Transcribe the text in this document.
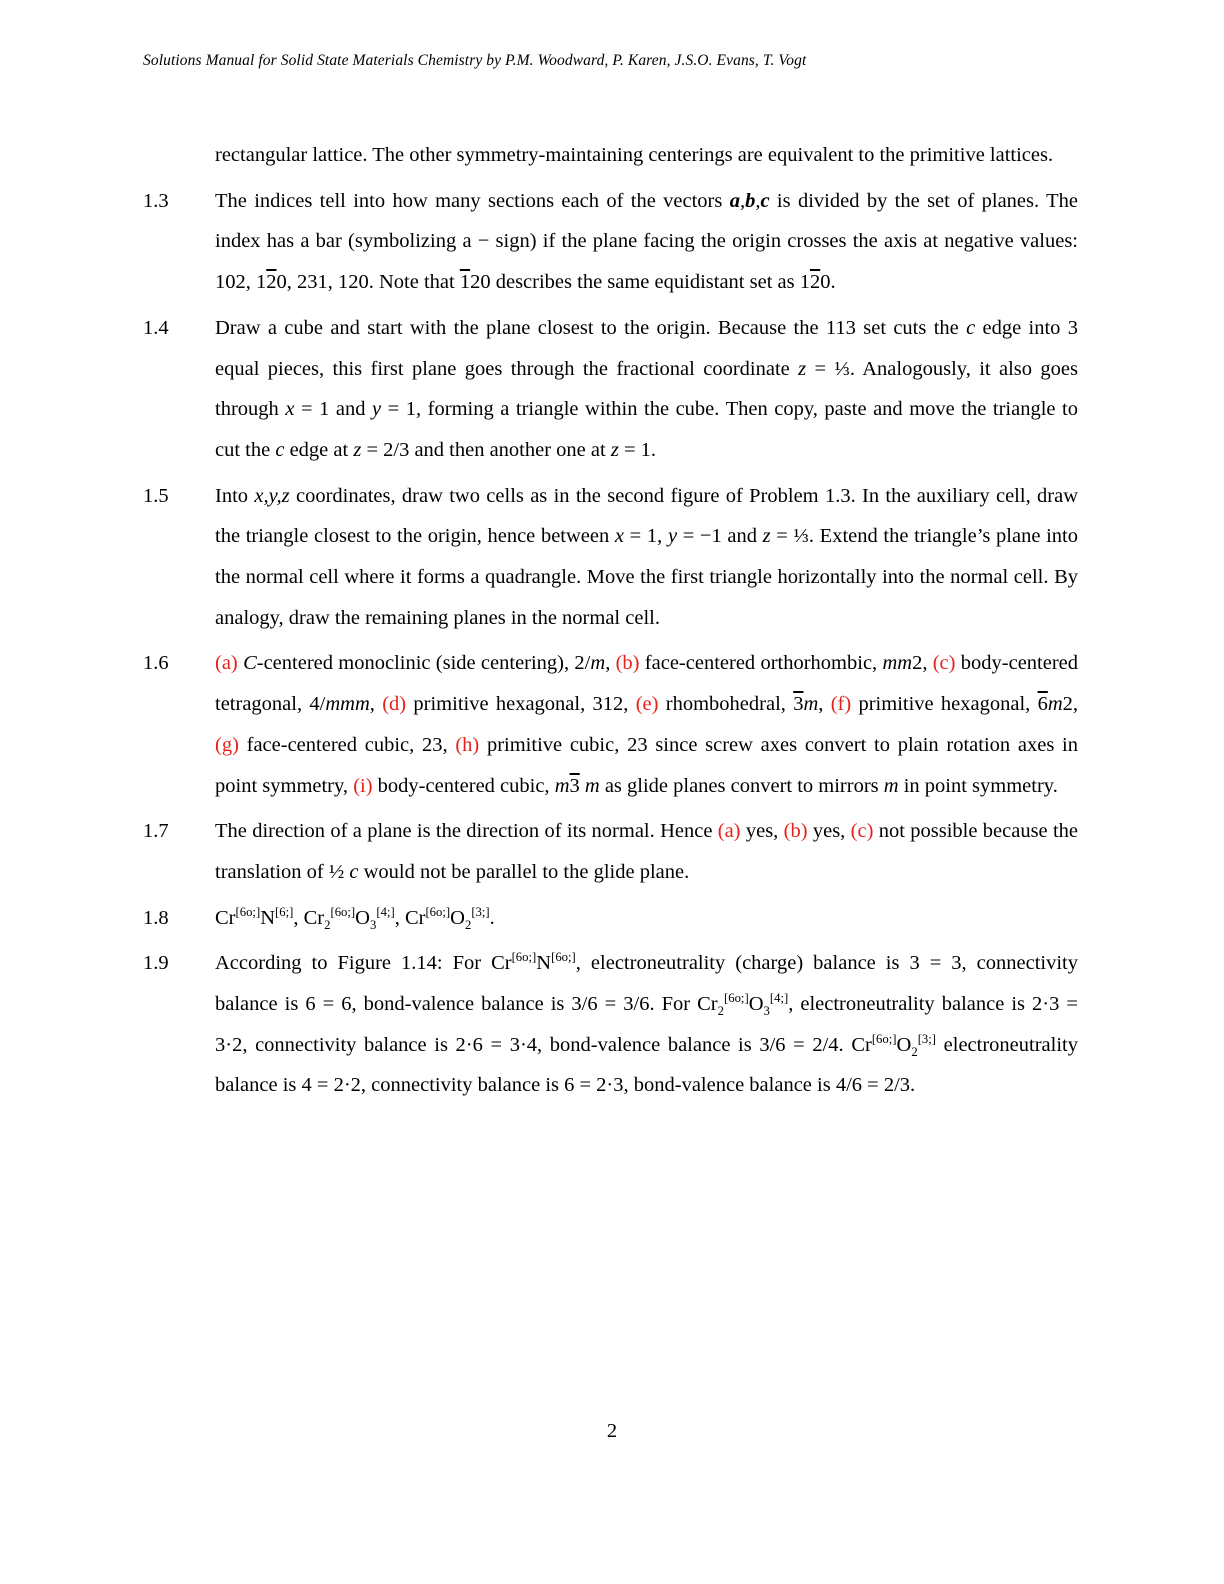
Solutions Manual for Solid State Materials Chemistry by P.M. Woodward, P. Karen, J.S.O. Evans, T. Vogt
rectangular lattice. The other symmetry-maintaining centerings are equivalent to the primitive lattices.
1.3	The indices tell into how many sections each of the vectors a,b,c is divided by the set of planes. The index has a bar (symbolizing a − sign) if the plane facing the origin crosses the axis at negative values: 102, 120, 231, 120. Note that 120 describes the same equidistant set as 120.
1.4	Draw a cube and start with the plane closest to the origin. Because the 113 set cuts the c edge into 3 equal pieces, this first plane goes through the fractional coordinate z = ⅓. Analogously, it also goes through x = 1 and y = 1, forming a triangle within the cube. Then copy, paste and move the triangle to cut the c edge at z = 2/3 and then another one at z = 1.
1.5	Into x,y,z coordinates, draw two cells as in the second figure of Problem 1.3. In the auxiliary cell, draw the triangle closest to the origin, hence between x = 1, y = −1 and z = ⅓. Extend the triangle’s plane into the normal cell where it forms a quadrangle. Move the first triangle horizontally into the normal cell. By analogy, draw the remaining planes in the normal cell.
1.6	(a) C-centered monoclinic (side centering), 2/m, (b) face-centered orthorhombic, mm2, (c) body-centered tetragonal, 4/mmm, (d) primitive hexagonal, 312, (e) rhombohedral, 3m, (f) primitive hexagonal, 6m2, (g) face-centered cubic, 23, (h) primitive cubic, 23 since screw axes convert to plain rotation axes in point symmetry, (i) body-centered cubic, m3 m as glide planes convert to mirrors m in point symmetry.
1.7	The direction of a plane is the direction of its normal. Hence (a) yes, (b) yes, (c) not possible because the translation of ½ c would not be parallel to the glide plane.
1.8	Cr[6o;]N[6;], $Cr_2[6o;]O_3[4;]$, $Cr[6o;]O_2[3;]$.
1.9	According to Figure 1.14: For Cr[6o;]N[6o;], electroneutrality (charge) balance is 3 = 3, connectivity balance is 6 = 6, bond-valence balance is 3/6 = 3/6. For $Cr_2[6o;]O_3[4;]$, electroneutrality balance is 2·3 = 3·2, connectivity balance is 2·6 = 3·4, bond-valence balance is 3/6 = 2/4. $Cr[6o;]O_2[3;]$ electroneutrality balance is 4 = 2·2, connectivity balance is 6 = 2·3, bond-valence balance is 4/6 = 2/3.
2
